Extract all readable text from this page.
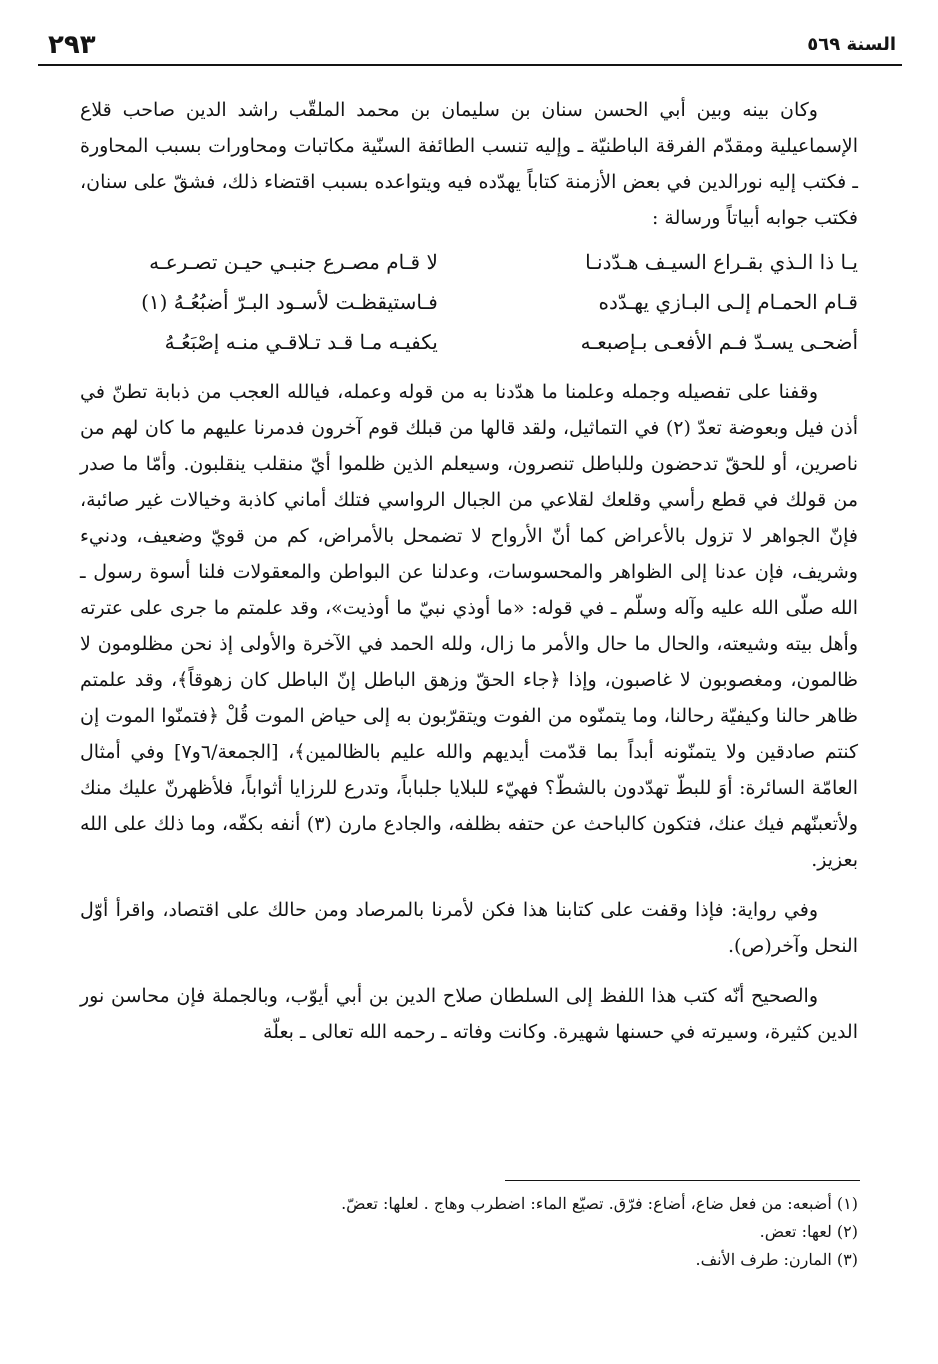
٢٩٣	السنة ٥٦٩

وكان بينه وبين أبي الحسن سنان بن سليمان بن محمد الملقّب راشد الدين صاحب قلاع الإسماعيلية ومقدّم الفرقة الباطنيّة ـ وإليه تنسب الطائفة السنّية مكاتبات ومحاورات بسبب المحاورة ـ فكتب إليه نورالدين في بعض الأزمنة كتاباً يهدّده فيه ويتواعده بسبب اقتضاء ذلك، فشقّ على سنان، فكتب جوابه أبياتاً ورسالة :

يـا ذا الـذي بقـراع السيـف هـدّدنـا
لا قـام مصـرع جنبـي حيـن تصـرعـه
قـام الحمـام إلـى البـازي يهـدّده
فـاستيقظـت لأسـود البـرّ أضبُعُـهُ (١)
أضحـى يسـدّ فـم الأفعـى بـإصبعـه
يكفيـه مـا قـد تـلاقـي منـه إصْبَعُـهُ

وقفنا على تفصيله وجمله وعلمنا ما هدّدنا به من قوله وعمله، فيالله العجب من ذبابة تطنّ في أذن فيل وبعوضة تعدّ (٢) في التماثيل، ولقد قالها من قبلك قوم آخرون فدمرنا عليهم ما كان لهم من ناصرين، أو للحقّ تدحضون وللباطل تنصرون، وسيعلم الذين ظلموا أيّ منقلب ينقلبون. وأمّا ما صدر من قولك في قطع رأسي وقلعك لقلاعي من الجبال الرواسي فتلك أماني كاذبة وخيالات غير صائبة، فإنّ الجواهر لا تزول بالأعراض كما أنّ الأرواح لا تضمحل بالأمراض، كم من قويّ وضعيف، ودنيء وشريف، فإن عدنا إلى الظواهر والمحسوسات، وعدلنا عن البواطن والمعقولات فلنا أسوة رسول ـ الله صلّى الله عليه وآله وسلّم ـ في قوله: «ما أوذي نبيّ ما أوذيت»، وقد علمتم ما جرى على عترته وأهل بيته وشيعته، والحال ما حال والأمر ما زال، ولله الحمد في الآخرة والأولى إذ نحن مظلومون لا ظالمون، ومغصوبون لا غاصبون، وإذا ﴿جاء الحقّ وزهق الباطل إنّ الباطل كان زهوقاً﴾، وقد علمتم ظاهر حالنا وكيفيّة رحالنا، وما يتمنّوه من الفوت ويتقرّبون به إلى حياض الموت قُلْ ﴿فتمنّوا الموت إن كنتم صادقين ولا يتمنّونه أبداً بما قدّمت أيديهم والله عليم بالظالمين﴾، [الجمعة/٦و٧] وفي أمثال العامّة السائرة: أوَ للبطّ تهدّدون بالشطّ؟ فهيّء للبلايا جلباباً، وتدرع للرزايا أثواباً، فلأظهرنّ عليك منك ولأتعبنّهم فيك عنك، فتكون كالباحث عن حتفه بظلفه، والجادع مارن (٣) أنفه بكفّه، وما ذلك على الله بعزيز.

وفي رواية: فإذا وقفت على كتابنا هذا فكن لأمرنا بالمرصاد ومن حالك على اقتصاد، واقرأ أوّل النحل وآخر(ص).

والصحيح أنّه كتب هذا اللفظ إلى السلطان صلاح الدين بن أبي أيوّب، وبالجملة فإن محاسن نور الدين كثيرة، وسيرته في حسنها شهيرة. وكانت وفاته ـ رحمه الله تعالى ـ بعلّة

(١) أضبعه: من فعل ضاع، أضاع: فرّق. تصيّع الماء: اضطرب وهاج . لعلها: تعضّ.
(٢) لعها: تعض.
(٣) المارن: طرف الأنف.
